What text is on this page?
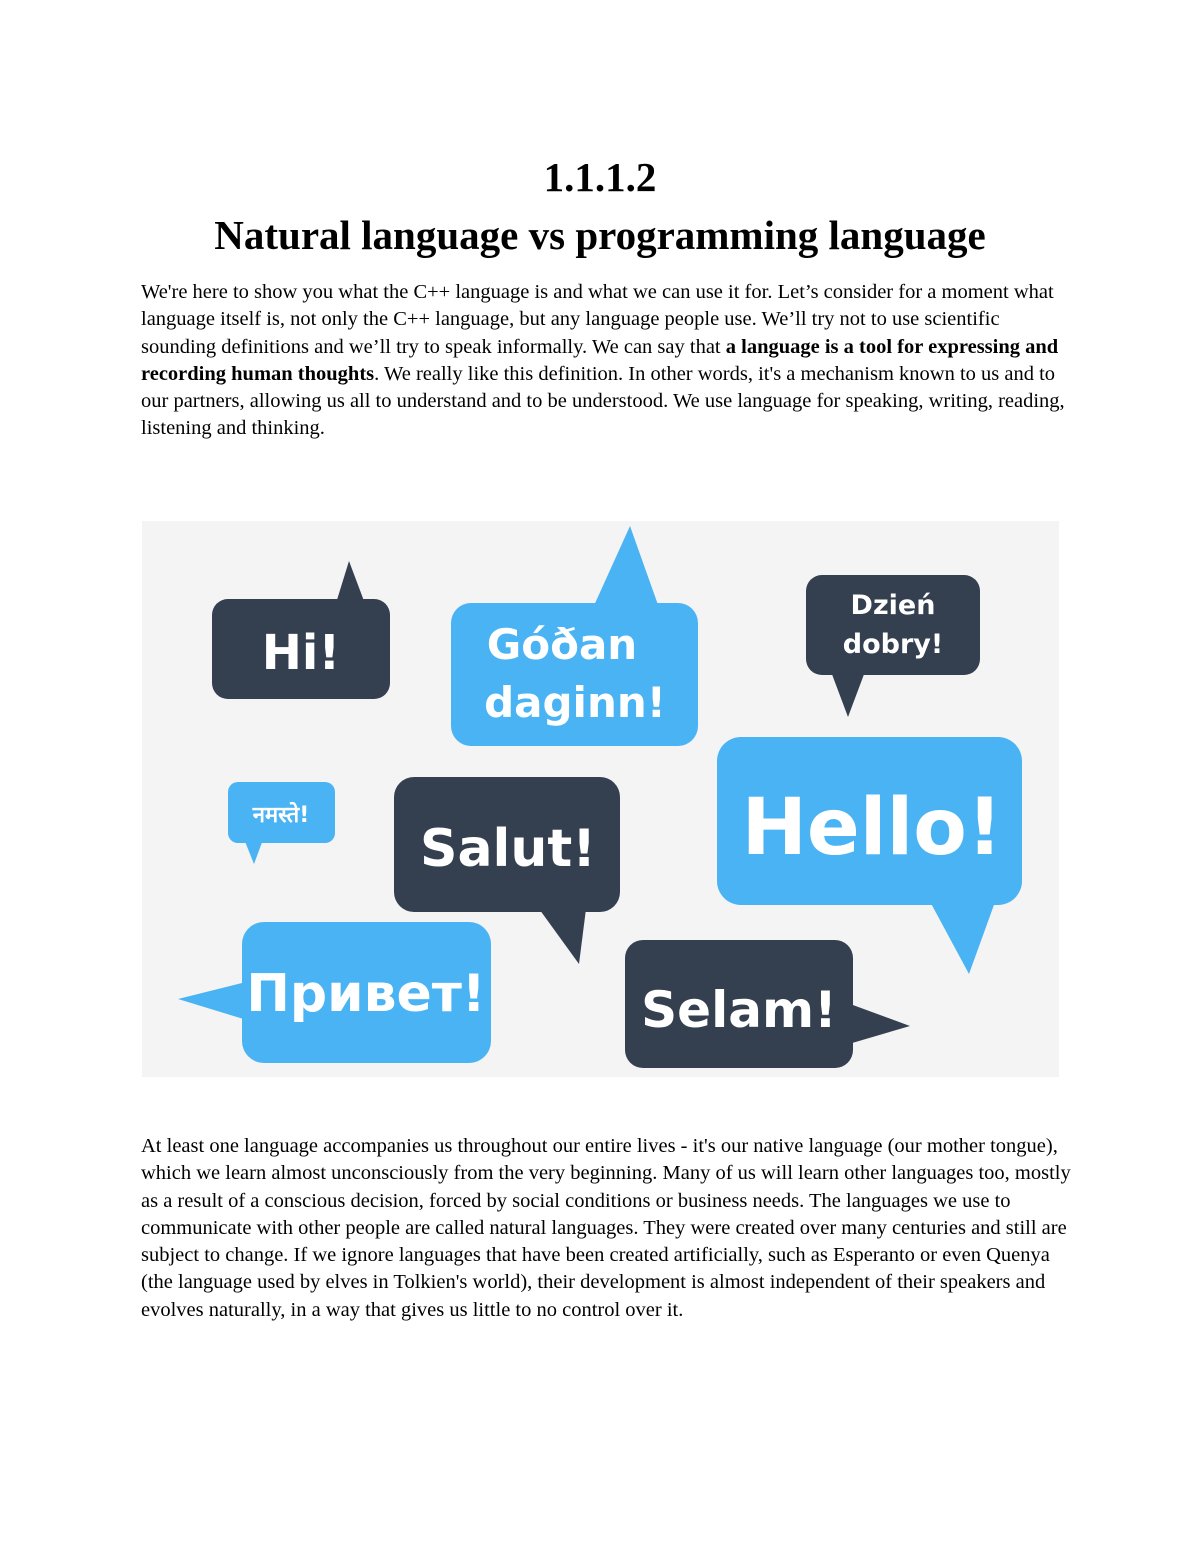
1.1.1.2
Natural language vs programming language

We're here to show you what the C++ language is and what we can use it for. Let’s consider for a moment what language itself is, not only the C++ language, but any language people use. We’ll try not to use scientific sounding definitions and we’ll try to speak informally. We can say that a language is a tool for expressing and recording human thoughts. We really like this definition. In other words, it's a mechanism known to us and to our partners, allowing us all to understand and to be understood. We use language for speaking, writing, reading, listening and thinking.

Hi!	Góðan
daginn!
Dzień
dobry!
नमस्ते!
Salut! Hello!
Привет!	Selam!

At least one language accompanies us throughout our entire lives - it's our native language (our mother tongue), which we learn almost unconsciously from the very beginning. Many of us will learn other languages too, mostly as a result of a conscious decision, forced by social conditions or business needs. The languages we use to communicate with other people are called natural languages. They were created over many centuries and still are subject to change. If we ignore languages that have been created artificially, such as Esperanto or even Quenya (the language used by elves in Tolkien's world), their development is almost independent of their speakers and evolves naturally, in a way that gives us little to no control over it.
